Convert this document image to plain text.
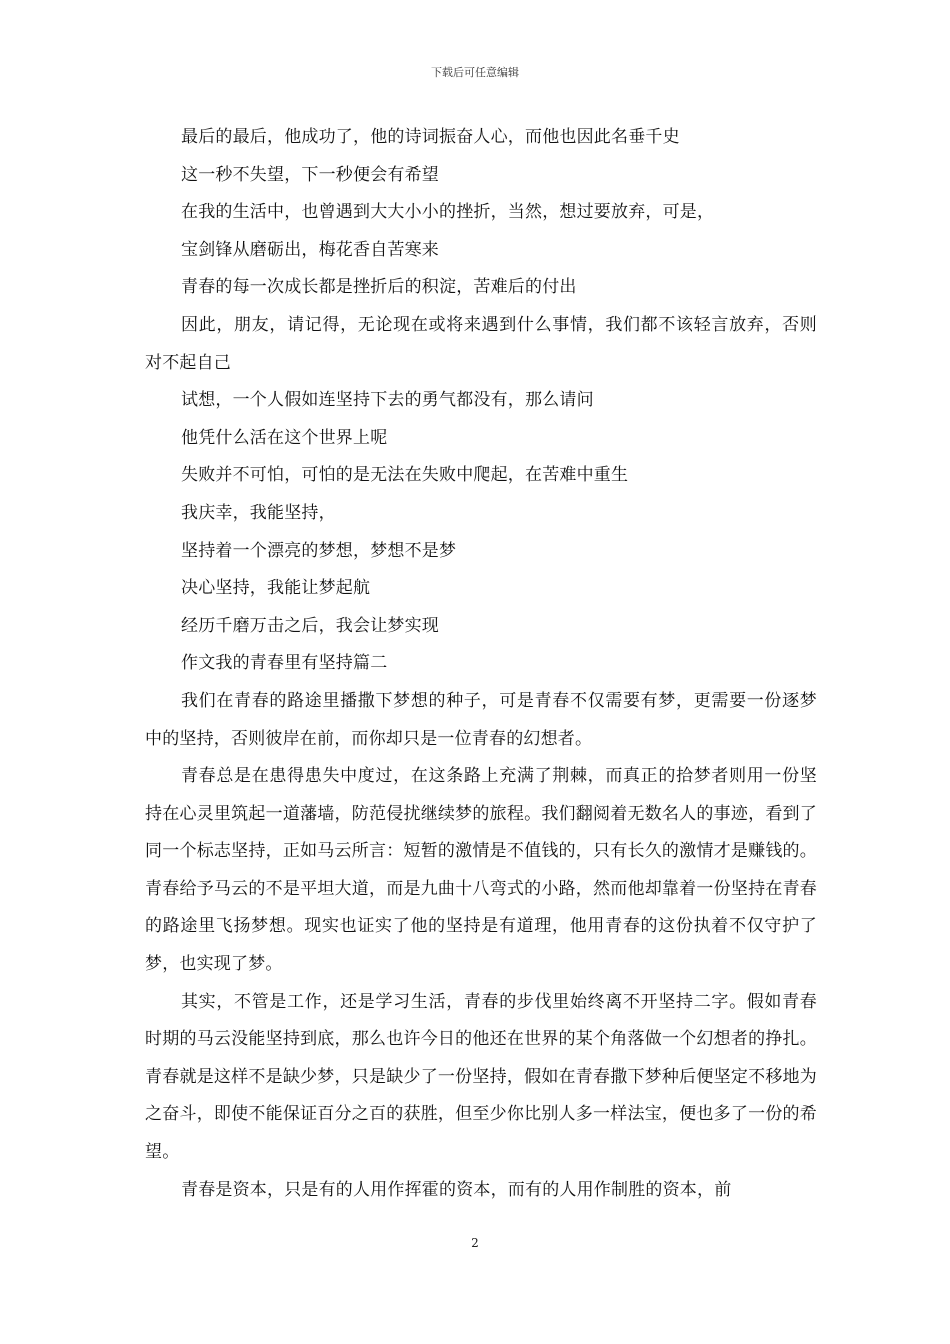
下载后可任意编辑

最后的最后，他成功了，他的诗词振奋人心，而他也因此名垂千史

这一秒不失望，下一秒便会有希望

在我的生活中，也曾遇到大大小小的挫折，当然，想过要放弃，可是，

宝剑锋从磨砺出，梅花香自苦寒来

青春的每一次成长都是挫折后的积淀，苦难后的付出

因此，朋友，请记得，无论现在或将来遇到什么事情，我们都不该轻言放弃，否则对不起自己

试想，一个人假如连坚持下去的勇气都没有，那么请问

他凭什么活在这个世界上呢

失败并不可怕，可怕的是无法在失败中爬起，在苦难中重生

我庆幸，我能坚持，

坚持着一个漂亮的梦想，梦想不是梦

决心坚持，我能让梦起航

经历千磨万击之后，我会让梦实现

作文我的青春里有坚持篇二

我们在青春的路途里播撒下梦想的种子，可是青春不仅需要有梦，更需要一份逐梦中的坚持，否则彼岸在前，而你却只是一位青春的幻想者。

青春总是在患得患失中度过，在这条路上充满了荆棘，而真正的拾梦者则用一份坚持在心灵里筑起一道藩墙，防范侵扰继续梦的旅程。我们翻阅着无数名人的事迹，看到了同一个标志坚持，正如马云所言：短暂的激情是不值钱的，只有长久的激情才是赚钱的。青春给予马云的不是平坦大道，而是九曲十八弯式的小路，然而他却靠着一份坚持在青春的路途里飞扬梦想。现实也证实了他的坚持是有道理，他用青春的这份执着不仅守护了梦，也实现了梦。

其实，不管是工作，还是学习生活，青春的步伐里始终离不开坚持二字。假如青春时期的马云没能坚持到底，那么也许今日的他还在世界的某个角落做一个幻想者的挣扎。青春就是这样不是缺少梦，只是缺少了一份坚持，假如在青春撒下梦种后便坚定不移地为之奋斗，即使不能保证百分之百的获胜，但至少你比别人多一样法宝，便也多了一份的希望。

青春是资本，只是有的人用作挥霍的资本，而有的人用作制胜的资本，前

2
